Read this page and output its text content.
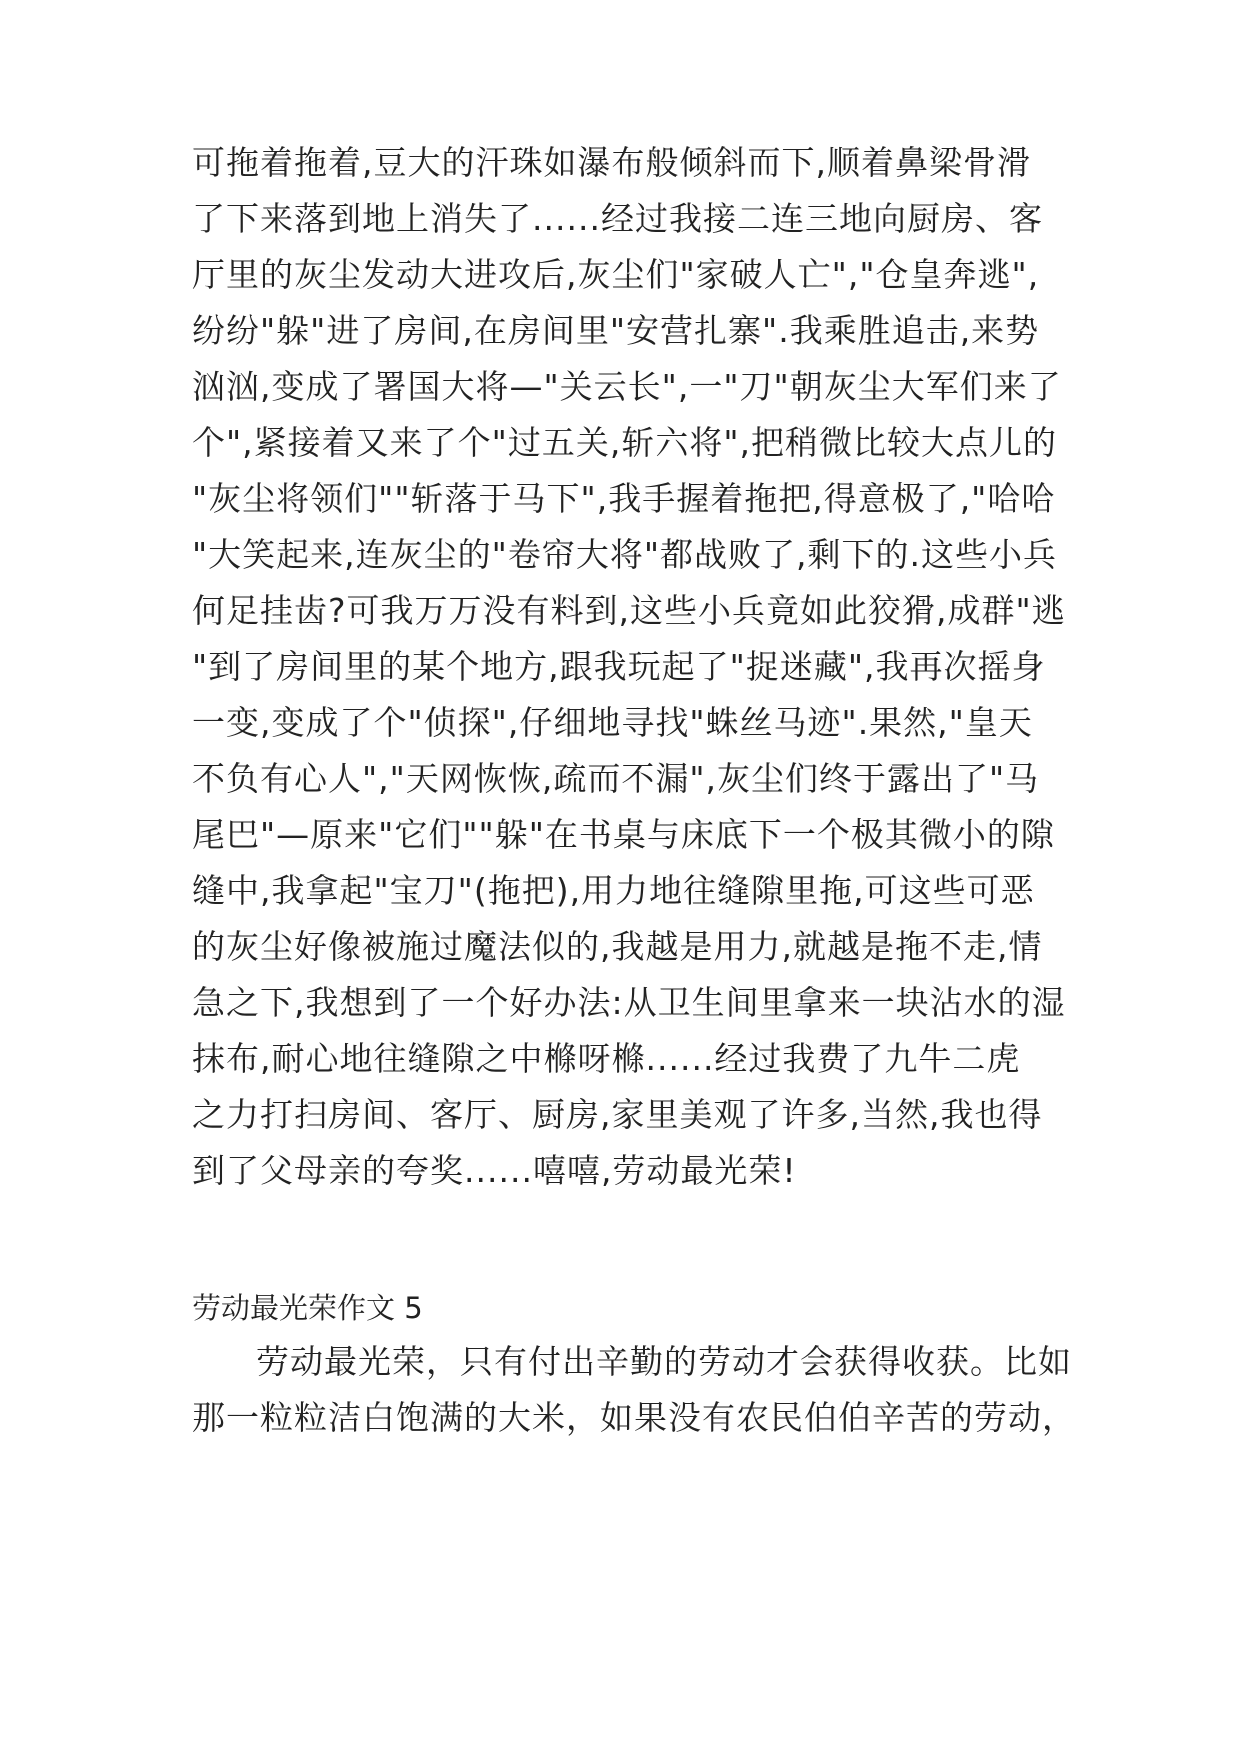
可拖着拖着,豆大的汗珠如瀑布般倾斜而下,顺着鼻梁骨滑
了下来落到地上消失了......经过我接二连三地向厨房、客
厅里的灰尘发动大进攻后,灰尘们"家破人亡","仓皇奔逃",
纷纷"躲"进了房间,在房间里"安营扎寨".我乘胜追击,来势
汹汹,变成了署国大将—"关云长",一"刀"朝灰尘大军们来了
个",紧接着又来了个"过五关,斩六将",把稍微比较大点儿的
"灰尘将领们""斩落于马下",我手握着拖把,得意极了,"哈哈
"大笑起来,连灰尘的"卷帘大将"都战败了,剩下的.这些小兵
何足挂齿?可我万万没有料到,这些小兵竟如此狡猾,成群"逃
"到了房间里的某个地方,跟我玩起了"捉迷藏",我再次摇身
一变,变成了个"侦探",仔细地寻找"蛛丝马迹".果然,"皇天
不负有心人","天网恢恢,疏而不漏",灰尘们终于露出了"马
尾巴"—原来"它们""躲"在书桌与床底下一个极其微小的隙
缝中,我拿起"宝刀"(拖把),用力地往缝隙里拖,可这些可恶
的灰尘好像被施过魔法似的,我越是用力,就越是拖不走,情
急之下,我想到了一个好办法:从卫生间里拿来一块沾水的湿
抹布,耐心地往缝隙之中樤呀樤......经过我费了九牛二虎
之力打扫房间、客厅、厨房,家里美观了许多,当然,我也得
到了父母亲的夸奖......嘻嘻,劳动最光荣!
劳动最光荣作文 5
劳动最光荣，只有付出辛勤的劳动才会获得收获。比如
那一粒粒洁白饱满的大米，如果没有农民伯伯辛苦的劳动，
